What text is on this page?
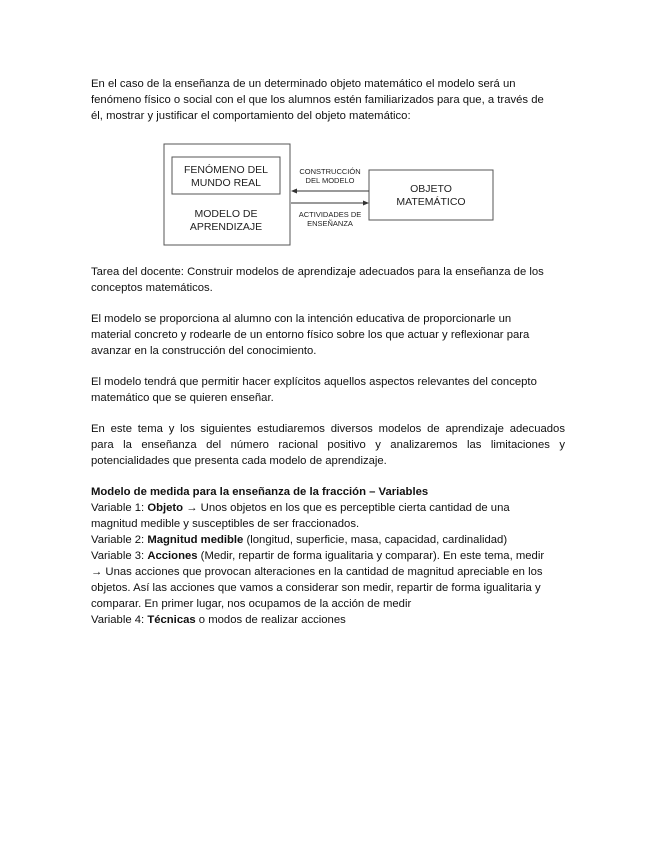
En el caso de la enseñanza de un determinado objeto matemático el modelo será un

fenómeno físico o social con el que los alumnos estén familiarizados para que, a través de

él, mostrar y justificar el comportamiento del objeto matemático:

FENÓMENO DEL
MUNDO REAL
MODELO DE
APRENDIZAJE
OBJETO
MATEMÁTICO
CONSTRUCCIÓN
DEL MODELO
ACTIVIDADES DE
ENSEÑANZA

Tarea del docente: Construir modelos de aprendizaje adecuados para la enseñanza de los

conceptos matemáticos.

El modelo se proporciona al alumno con la intención educativa de proporcionarle un

material concreto y rodearle de un entorno físico sobre los que actuar y reflexionar para

avanzar en la construcción del conocimiento.

El modelo tendrá que permitir hacer explícitos aquellos aspectos relevantes del concepto

matemático que se quieren enseñar.

En este tema y los siguientes estudiaremos diversos modelos de aprendizaje adecuados

para la enseñanza del número racional positivo y analizaremos las limitaciones y

potencialidades que presenta cada modelo de aprendizaje.

Modelo de medida para la enseñanza de la fracción – Variables

Variable 1: Objeto → Unos objetos en los que es perceptible cierta cantidad de una

magnitud medible y susceptibles de ser fraccionados.

Variable 2: Magnitud medible (longitud, superficie, masa, capacidad, cardinalidad)

Variable 3: Acciones (Medir, repartir de forma igualitaria y comparar). En este tema, medir

→ Unas acciones que provocan alteraciones en la cantidad de magnitud apreciable en los

objetos. Así las acciones que vamos a considerar son medir, repartir de forma igualitaria y

comparar. En primer lugar, nos ocupamos de la acción de medir

Variable 4: Técnicas o modos de realizar acciones
